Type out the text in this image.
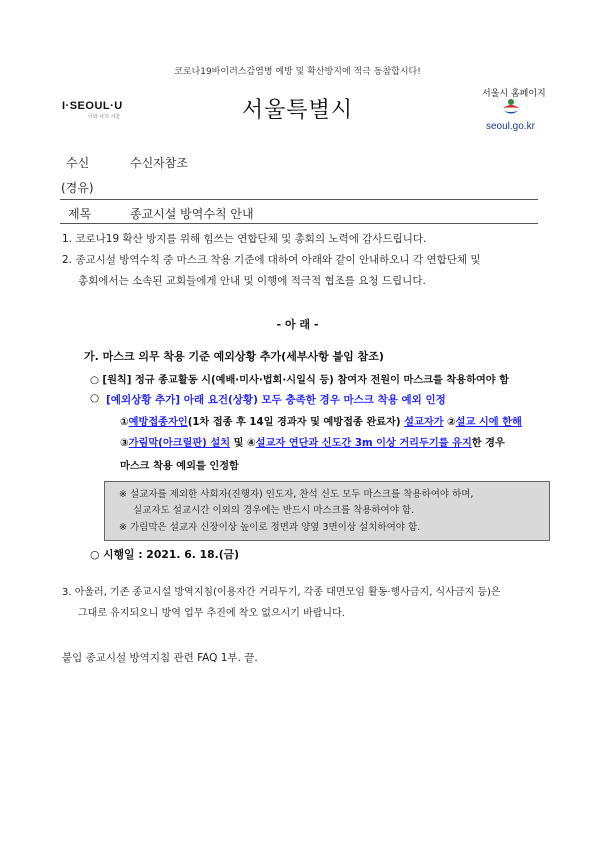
코로나19바이러스감염병 예방 및 확산방지에 적극 동참합시다!
I·SEOUL·U
너와 나의 서울	서울특별시
서울시 홈페이지
seoul.go.kr
수신	수신자참조
(경유)
제목	종교시설 방역수칙 안내
1. 코로나19 확산 방지를 위해 힘쓰는 연합단체 및 총회의 노력에 감사드립니다.
2. 종교시설 방역수칙 중 마스크 착용 기준에 대하여 아래와 같이 안내하오니 각 연합단체 및
총회에서는 소속된 교회들에게 안내 및 이행에 적극적 협조를 요청 드립니다.
- 아 래 -
가. 마스크 의무 착용 기준 예외상황 추가(세부사항 붙임 참조)
○ [원칙] 정규 종교활동 시(예배·미사·법회·시일식 등) 참여자 전원이 마스크를 착용하여야 함
○ [예외상황 추가] 아래 요건(상황) 모두 충족한 경우 마스크 착용 예외 인정
①예방접종자인(1차 접종 후 14일 경과자 및 예방접종 완료자) 설교자가 ②설교 시에 한해
③가림막(아크릴판) 설치 및 ④설교자 연단과 신도간 3m 이상 거리두기를 유지한 경우
마스크 착용 예외를 인정함
※ 설교자를 제외한 사회자(진행자) 인도자, 찬석 신도 모두 마스크를 착용하여야 하며,
실교자도 설교시간 이외의 경우에는 반드시 마스크를 착용하여야 함.
※ 가림막은 설교자 신장이상 높이로 정면과 양옆 3면이상 설치하여야 함.
○ 시행일 : 2021. 6. 18.(금)
3. 아울러, 기존 종교시설 방역지침(이용자간 거리두기, 각종 대면모임 활동·행사금지, 식사금지 등)은
그대로 유지되오니 방역 업무 추진에 착오 없으시기 바랍니다.
붙임 종교시설 방역지침 관련 FAQ 1부. 끝.
